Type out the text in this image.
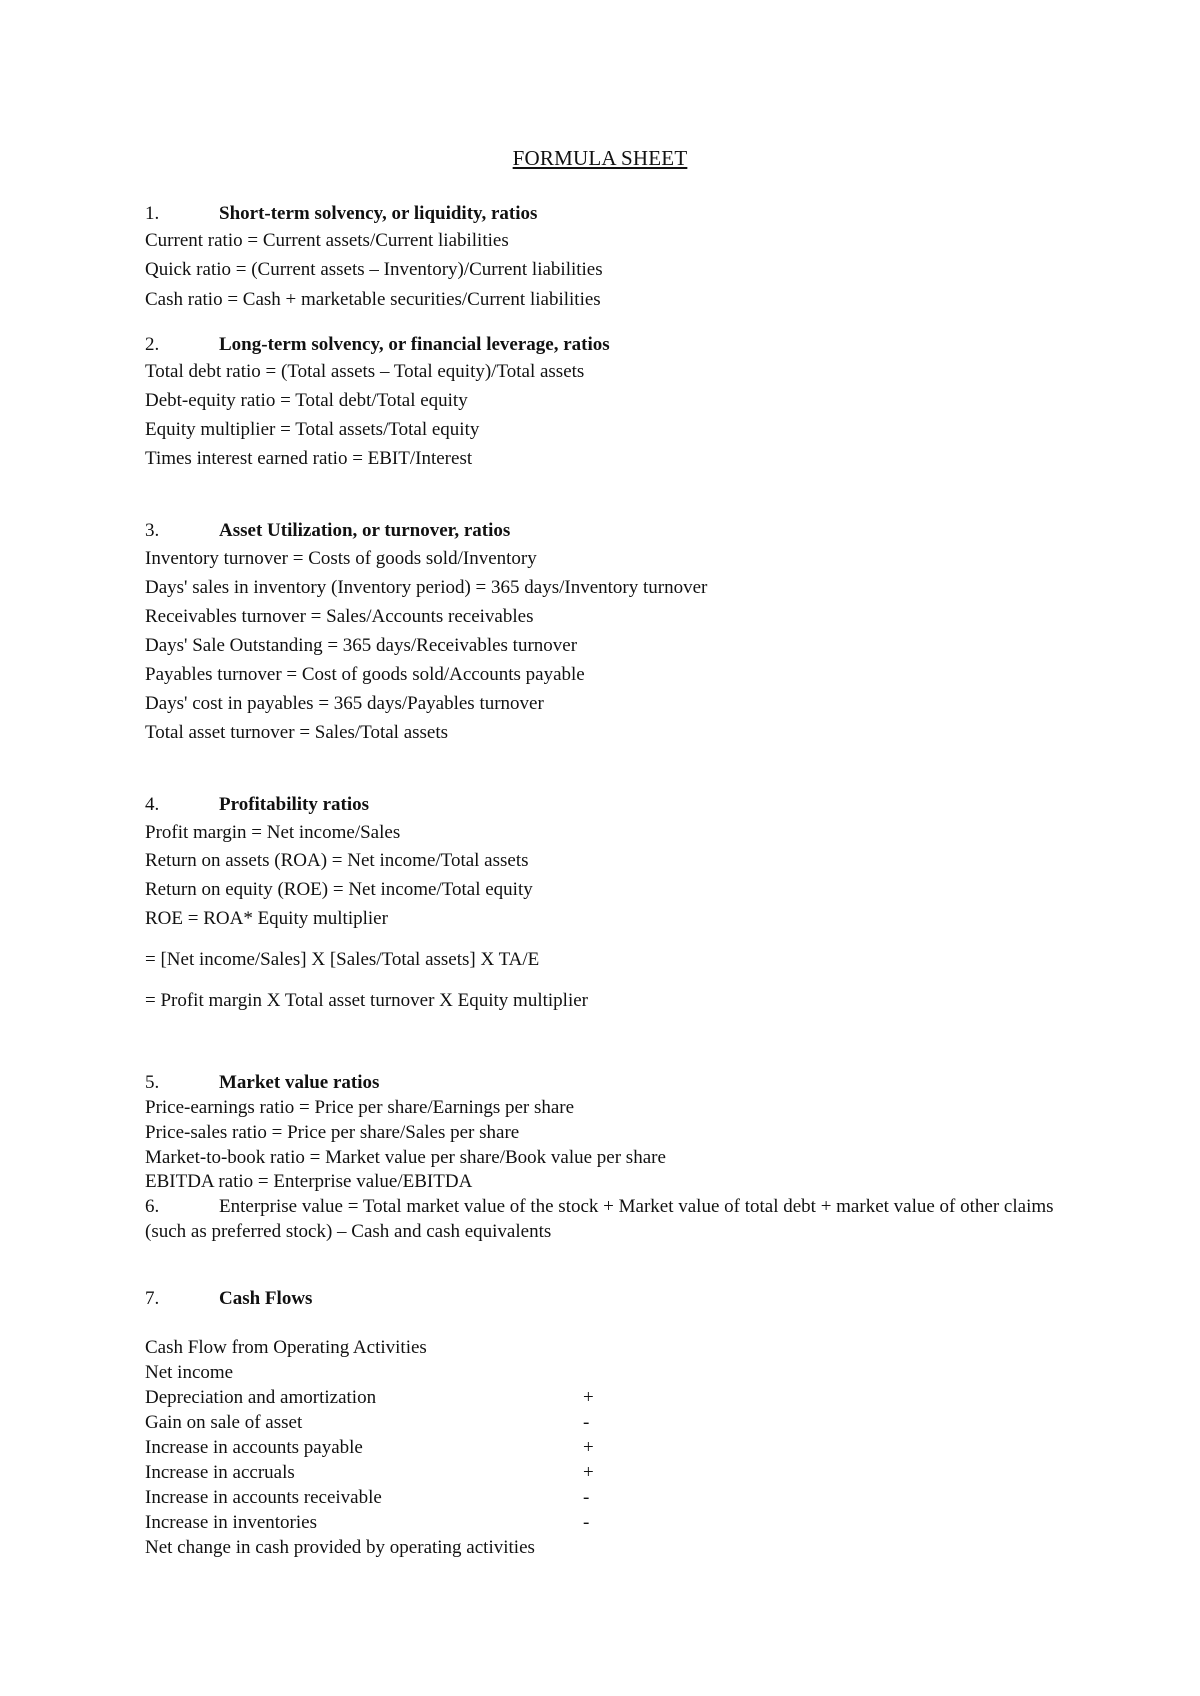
FORMULA SHEET
1.	Short-term solvency, or liquidity, ratios
Current ratio = Current assets/Current liabilities
Quick ratio = (Current assets – Inventory)/Current liabilities
Cash ratio = Cash + marketable securities/Current liabilities
2.	Long-term solvency, or financial leverage, ratios
Total debt ratio = (Total assets – Total equity)/Total assets
Debt-equity ratio = Total debt/Total equity
Equity multiplier = Total assets/Total equity
Times interest earned ratio = EBIT/Interest
3.	Asset Utilization, or turnover, ratios
Inventory turnover = Costs of goods sold/Inventory
Days' sales in inventory (Inventory period) = 365 days/Inventory turnover
Receivables turnover = Sales/Accounts receivables
Days' Sale Outstanding = 365 days/Receivables turnover
Payables turnover = Cost of goods sold/Accounts payable
Days' cost in payables = 365 days/Payables turnover
Total asset turnover = Sales/Total assets
4.	Profitability ratios
Profit margin = Net income/Sales
Return on assets (ROA) = Net income/Total assets
Return on equity (ROE) = Net income/Total equity
ROE = ROA* Equity multiplier
= [Net income/Sales] X [Sales/Total assets] X TA/E
= Profit margin X Total asset turnover X Equity multiplier
5.	Market value ratios
Price-earnings ratio = Price per share/Earnings per share
Price-sales ratio = Price per share/Sales per share
Market-to-book ratio = Market value per share/Book value per share
EBITDA ratio = Enterprise value/EBITDA
6.	Enterprise value = Total market value of the stock + Market value of total debt + market value of other claims (such as preferred stock) – Cash and cash equivalents
7.	Cash Flows
Cash Flow from Operating Activities
Net income
Depreciation and amortization	+
Gain on sale of asset	-
Increase in accounts payable	+
Increase in accruals	+
Increase in accounts receivable	-
Increase in inventories	-
Net change in cash provided by operating activities
